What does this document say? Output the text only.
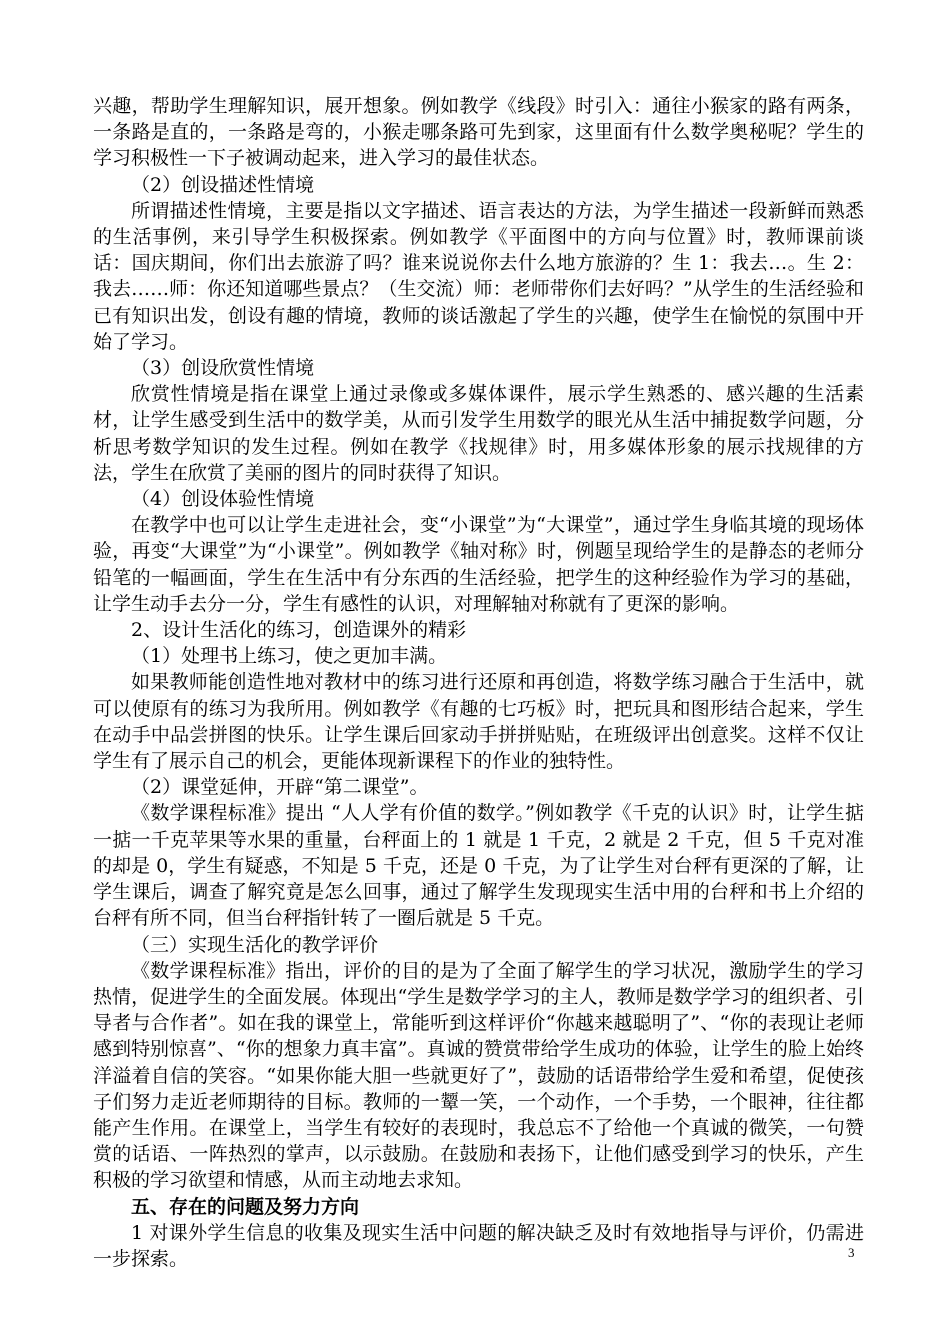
兴趣，帮助学生理解知识，展开想象。例如教学《线段》时引入：通往小猴家的路有两条，一条路是直的，一条路是弯的，小猴走哪条路可先到家，这里面有什么数学奥秘呢？学生的学习积极性一下子被调动起来，进入学习的最佳状态。

（2）创设描述性情境

所谓描述性情境，主要是指以文字描述、语言表达的方法，为学生描述一段新鲜而熟悉的生活事例，来引导学生积极探索。例如教学《平面图中的方向与位置》时，教师课前谈话：国庆期间，你们出去旅游了吗？谁来说说你去什么地方旅游的？生 1：我去…。生 2：我去……师：你还知道哪些景点？（生交流）师：老师带你们去好吗？”从学生的生活经验和已有知识出发，创设有趣的情境，教师的谈话激起了学生的兴趣，使学生在愉悦的氛围中开始了学习。

（3）创设欣赏性情境

欣赏性情境是指在课堂上通过录像或多媒体课件，展示学生熟悉的、感兴趣的生活素材，让学生感受到生活中的数学美，从而引发学生用数学的眼光从生活中捕捉数学问题，分析思考数学知识的发生过程。例如在教学《找规律》时，用多媒体形象的展示找规律的方法，学生在欣赏了美丽的图片的同时获得了知识。

（4）创设体验性情境

在教学中也可以让学生走进社会，变“小课堂”为“大课堂”，通过学生身临其境的现场体验，再变“大课堂”为“小课堂”。例如教学《轴对称》时，例题呈现给学生的是静态的老师分铅笔的一幅画面，学生在生活中有分东西的生活经验，把学生的这种经验作为学习的基础，让学生动手去分一分，学生有感性的认识，对理解轴对称就有了更深的影响。

2、设计生活化的练习，创造课外的精彩

（1）处理书上练习，使之更加丰满。

如果教师能创造性地对教材中的练习进行还原和再创造，将数学练习融合于生活中，就可以使原有的练习为我所用。例如教学《有趣的七巧板》时，把玩具和图形结合起来，学生在动手中品尝拼图的快乐。让学生课后回家动手拼拼贴贴，在班级评出创意奖。这样不仅让学生有了展示自己的机会，更能体现新课程下的作业的独特性。

（2）课堂延伸，开辟“第二课堂”。

《数学课程标准》提出 “人人学有价值的数学。”例如教学《千克的认识》时，让学生掂一掂一千克苹果等水果的重量，台秤面上的 1 就是 1 千克，2 就是 2 千克，但 5 千克对准的却是 0，学生有疑惑，不知是 5 千克，还是 0 千克，为了让学生对台秤有更深的了解，让学生课后，调查了解究竟是怎么回事，通过了解学生发现现实生活中用的台秤和书上介绍的台秤有所不同，但当台秤指针转了一圈后就是 5 千克。

（三）实现生活化的教学评价

《数学课程标准》指出，评价的目的是为了全面了解学生的学习状况，激励学生的学习热情，促进学生的全面发展。体现出“学生是数学学习的主人，教师是数学学习的组织者、引导者与合作者”。如在我的课堂上，常能听到这样评价“你越来越聪明了”、“你的表现让老师感到特别惊喜”、“你的想象力真丰富”。真诚的赞赏带给学生成功的体验，让学生的脸上始终洋溢着自信的笑容。“如果你能大胆一些就更好了”，鼓励的话语带给学生爱和希望，促使孩子们努力走近老师期待的目标。教师的一颦一笑，一个动作，一个手势，一个眼神，往往都能产生作用。在课堂上，当学生有较好的表现时，我总忘不了给他一个真诚的微笑，一句赞赏的话语、一阵热烈的掌声，以示鼓励。在鼓励和表扬下，让他们感受到学习的快乐，产生积极的学习欲望和情感，从而主动地去求知。

五、存在的问题及努力方向

1 对课外学生信息的收集及现实生活中问题的解决缺乏及时有效地指导与评价，仍需进一步探索。	3
